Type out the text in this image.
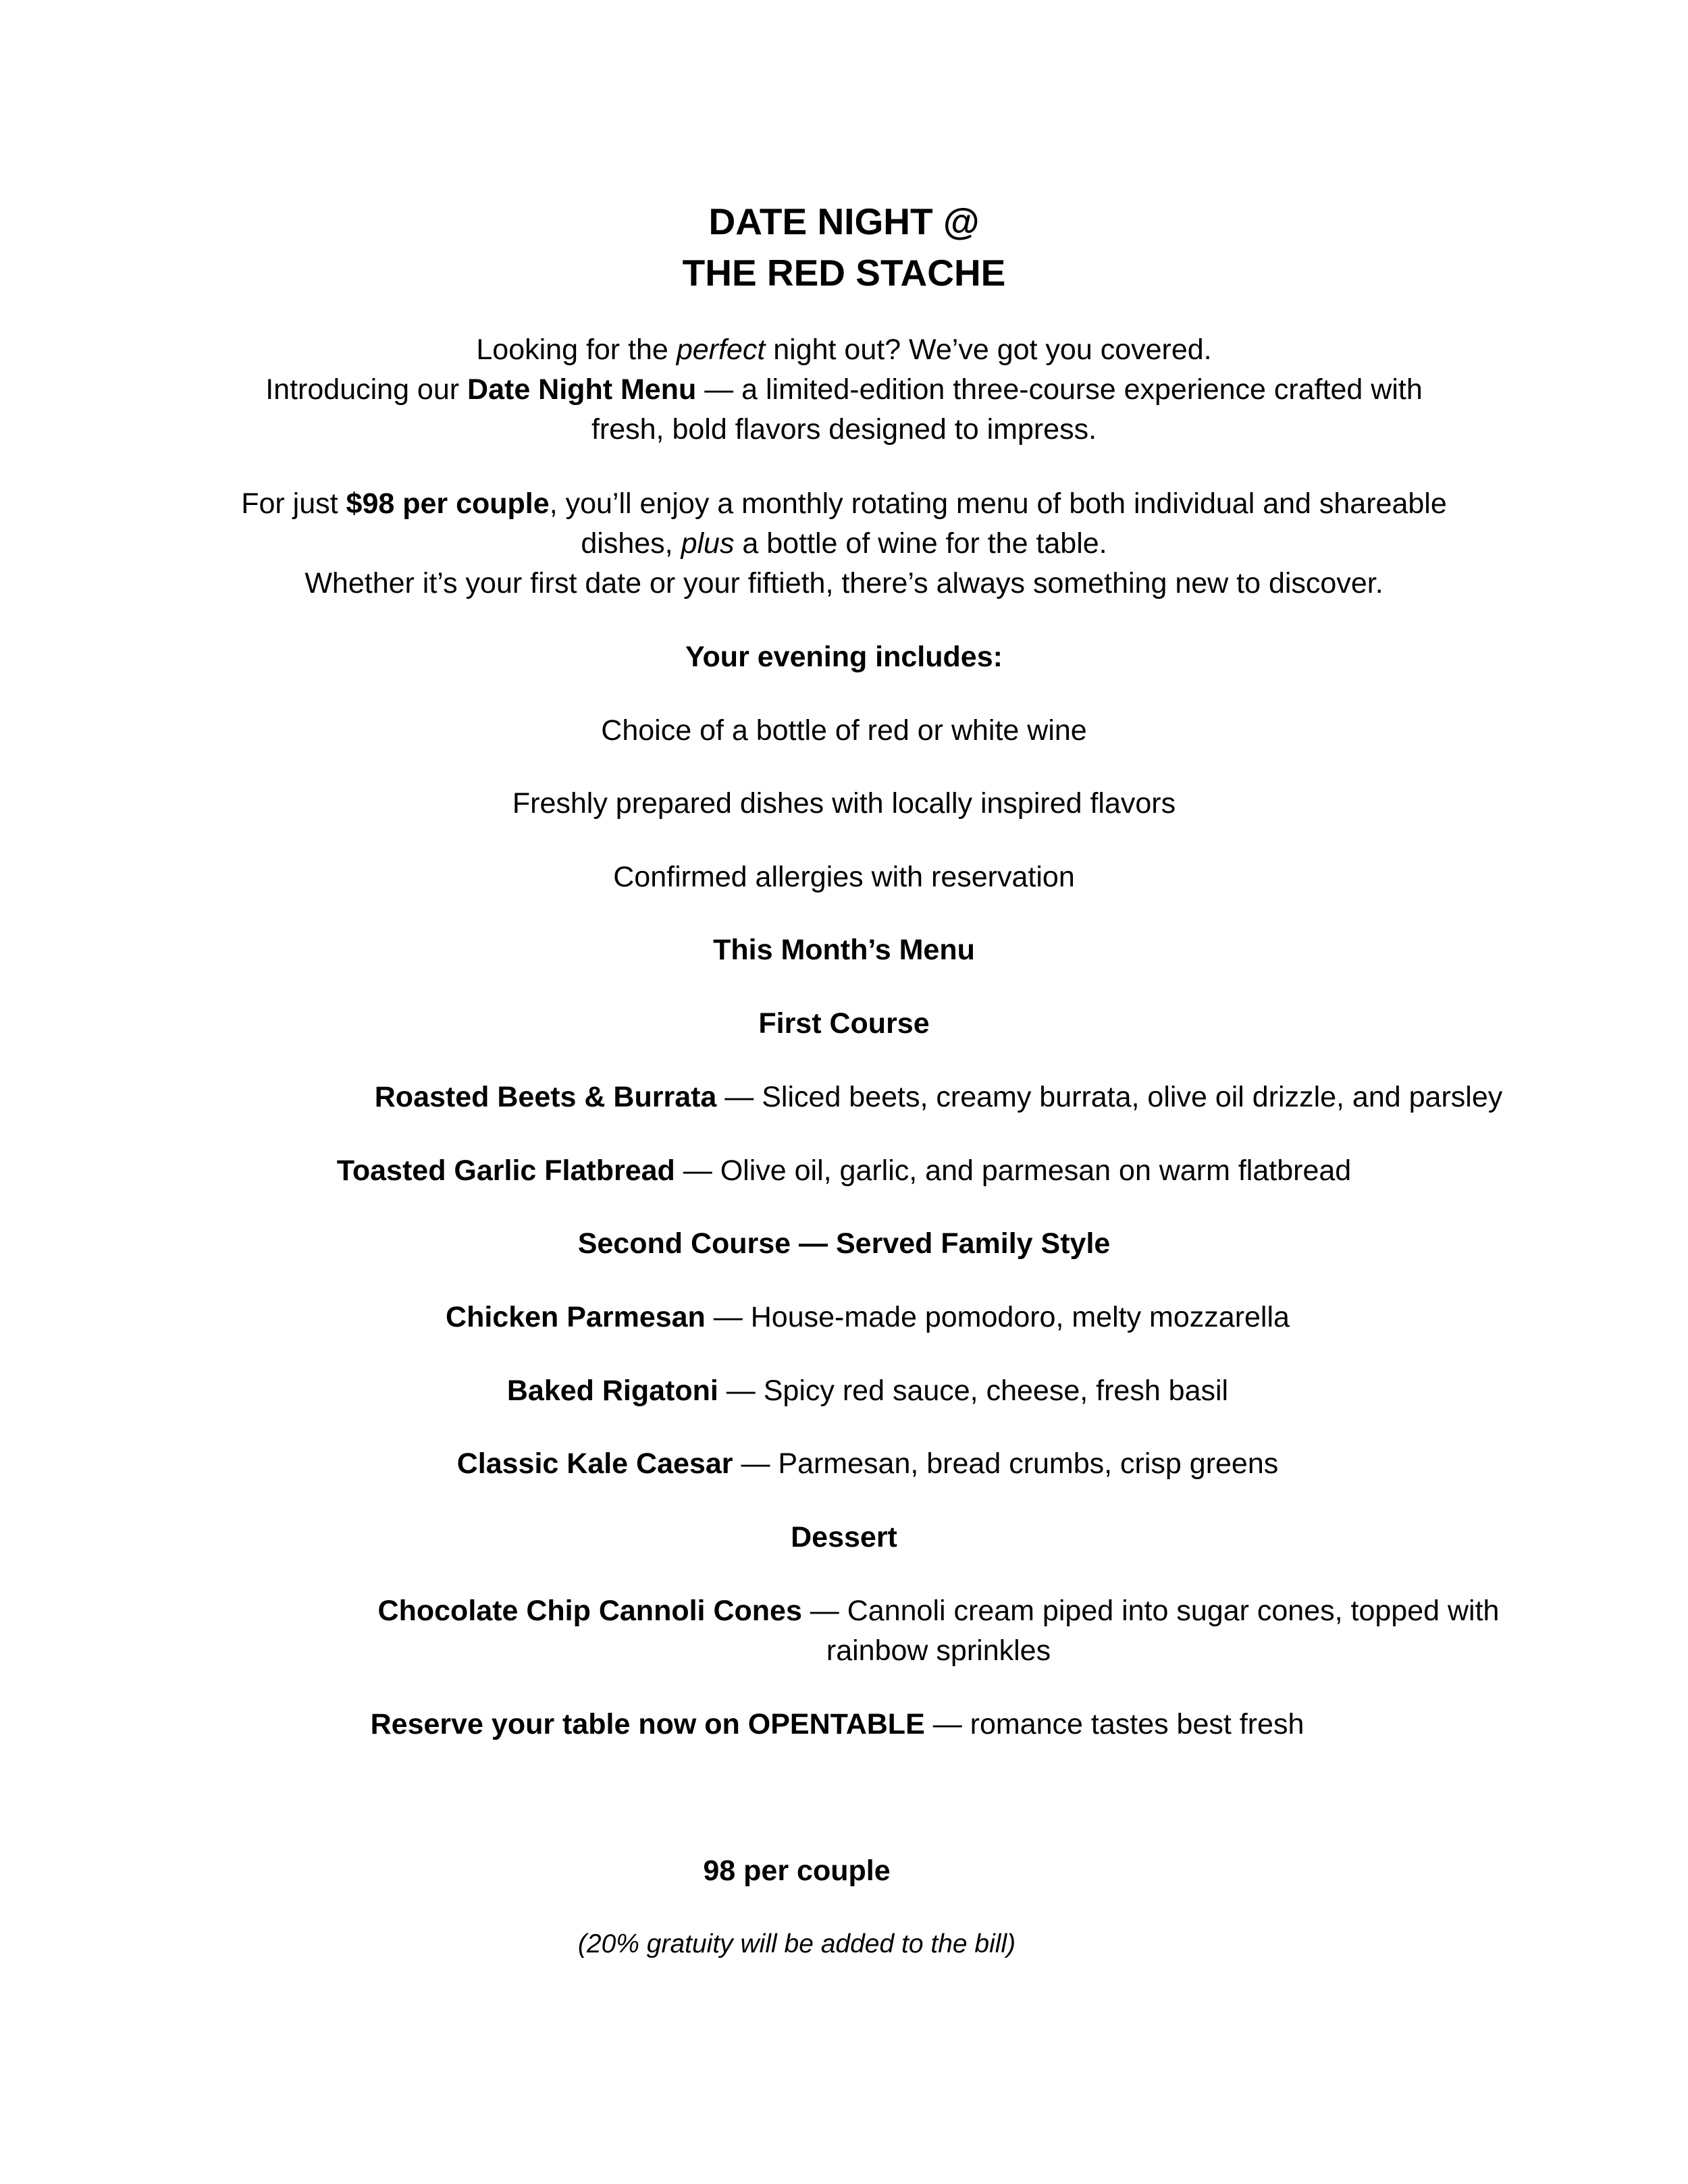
DATE NIGHT @
THE RED STACHE
Looking for the perfect night out? We’ve got you covered.
Introducing our Date Night Menu — a limited-edition three-course experience crafted with
fresh, bold flavors designed to impress.
For just $98 per couple, you’ll enjoy a monthly rotating menu of both individual and shareable
dishes, plus a bottle of wine for the table.
Whether it’s your first date or your fiftieth, there’s always something new to discover.
Your evening includes:
Choice of a bottle of red or white wine
Freshly prepared dishes with locally inspired flavors
Confirmed allergies with reservation
This Month’s Menu
First Course
Roasted Beets & Burrata — Sliced beets, creamy burrata, olive oil drizzle, and parsley
Toasted Garlic Flatbread — Olive oil, garlic, and parmesan on warm flatbread
Second Course — Served Family Style
Chicken Parmesan — House-made pomodoro, melty mozzarella
Baked Rigatoni — Spicy red sauce, cheese, fresh basil
Classic Kale Caesar — Parmesan, bread crumbs, crisp greens
Dessert
Chocolate Chip Cannoli Cones — Cannoli cream piped into sugar cones, topped with
rainbow sprinkles
Reserve your table now on OPENTABLE — romance tastes best fresh
98 per couple
(20% gratuity will be added to the bill)
